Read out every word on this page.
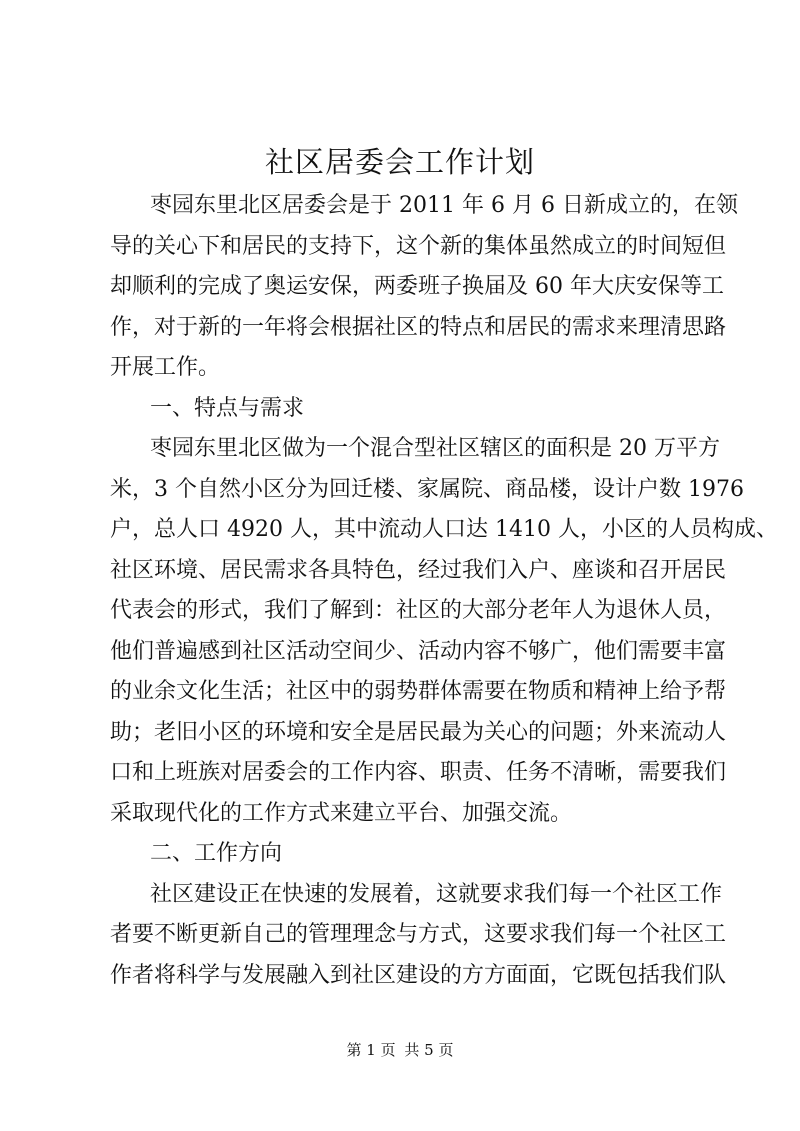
社区居委会工作计划

枣园东里北区居委会是于 2011 年 6 月 6 日新成立的，在领

导的关心下和居民的支持下，这个新的集体虽然成立的时间短但

却顺利的完成了奥运安保，两委班子换届及 60 年大庆安保等工

作，对于新的一年将会根据社区的特点和居民的需求来理清思路

开展工作。

一、特点与需求

枣园东里北区做为一个混合型社区辖区的面积是 20 万平方

米，3 个自然小区分为回迁楼、家属院、商品楼，设计户数 1976

户，总人口 4920 人，其中流动人口达 1410 人，小区的人员构成、

社区环境、居民需求各具特色，经过我们入户、座谈和召开居民

代表会的形式，我们了解到：社区的大部分老年人为退休人员，

他们普遍感到社区活动空间少、活动内容不够广，他们需要丰富

的业余文化生活；社区中的弱势群体需要在物质和精神上给予帮

助；老旧小区的环境和安全是居民最为关心的问题；外来流动人

口和上班族对居委会的工作内容、职责、任务不清晰，需要我们

采取现代化的工作方式来建立平台、加强交流。

二、工作方向

社区建设正在快速的发展着，这就要求我们每一个社区工作

者要不断更新自己的管理理念与方式，这要求我们每一个社区工

作者将科学与发展融入到社区建设的方方面面，它既包括我们队

第 1 页 共 5 页
